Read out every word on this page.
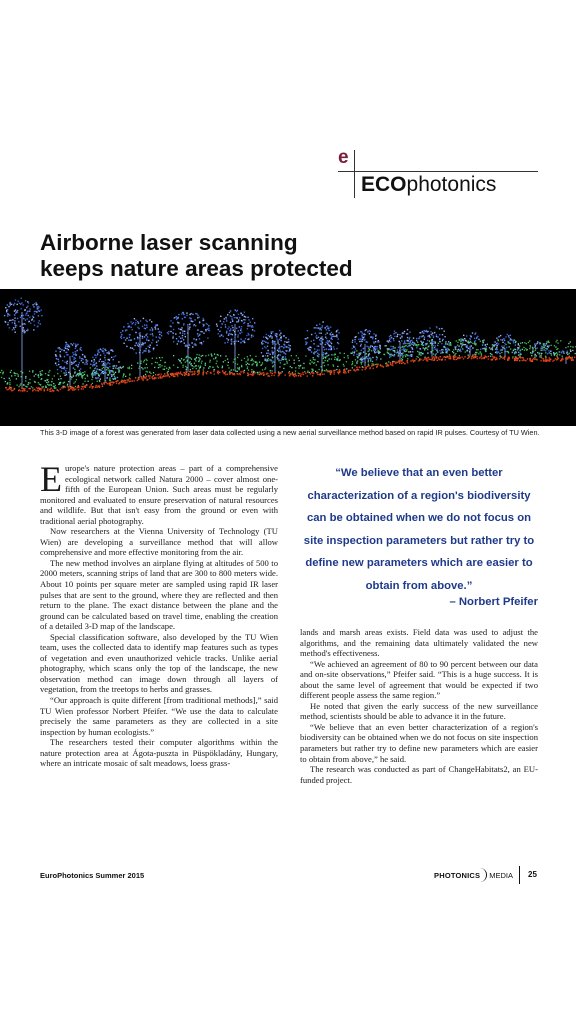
e
ECOphotonics
Airborne laser scanning
keeps nature areas protected

This 3-D image of a forest was generated from laser data collected using a new aerial surveillance method based on rapid IR pulses. Courtesy of TU Wien.

Europe's nature protection areas – part of a comprehensive ecological network called Natura 2000 – cover almost one-fifth of the European Union. Such areas must be regularly monitored and evaluated to ensure preservation of natural resources and wildlife. But that isn't easy from the ground or even with traditional aerial photography.

Now researchers at the Vienna University of Technology (TU Wien) are developing a surveillance method that will allow comprehensive and more effective monitoring from the air.

The new method involves an airplane flying at altitudes of 500 to 2000 meters, scanning strips of land that are 300 to 800 meters wide. About 10 points per square meter are sampled using rapid IR laser pulses that are sent to the ground, where they are reflected and then return to the plane. The exact distance between the plane and the ground can be calculated based on travel time, enabling the creation of a detailed 3-D map of the landscape.

Special classification software, also developed by the TU Wien team, uses the collected data to identify map features such as types of vegetation and even unauthorized vehicle tracks. Unlike aerial photography, which scans only the top of the landscape, the new observation method can image down through all layers of vegetation, from the treetops to herbs and grasses.

“Our approach is quite different [from traditional methods],” said TU Wien professor Norbert Pfeifer. “We use the data to calculate precisely the same parameters as they are collected in a site inspection by human ecologists.”

The researchers tested their computer algorithms within the nature protection area at Ágota-puszta in Püspökladány, Hungary, where an intricate mosaic of salt meadows, loess grass-

“We believe that an even better characterization of a region's biodiversity can be obtained when we do not focus on site inspection parameters but rather try to define new parameters which are easier to obtain from above.”

– Norbert Pfeifer

lands and marsh areas exists. Field data was used to adjust the algorithms, and the remaining data ultimately validated the new method's effectiveness.

“We achieved an agreement of 80 to 90 percent between our data and on-site observations,” Pfeifer said. “This is a huge success. It is about the same level of agreement that would be expected if two different people assess the same region.”

He noted that given the early success of the new surveillance method, scientists should be able to advance it in the future.

“We believe that an even better characterization of a region's biodiversity can be obtained when we do not focus on site inspection parameters but rather try to define new parameters which are easier to obtain from above,” he said.

The research was conducted as part of ChangeHabitats2, an EU-funded project.

EuroPhotonics Summer 2015	PHOTONICS MEDIA 25
